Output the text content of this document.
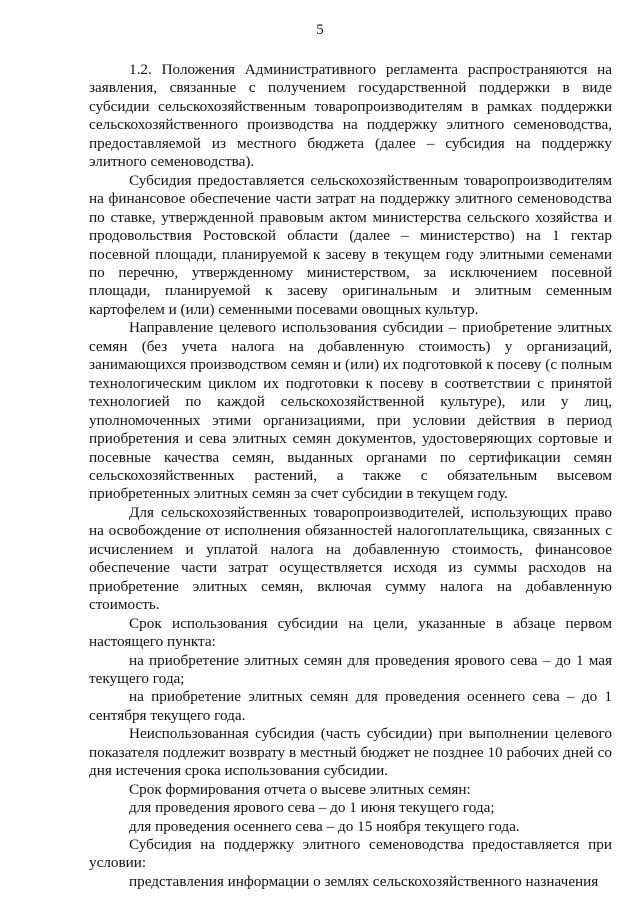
5

1.2. Положения Административного регламента распространяются на заявления, связанные с получением государственной поддержки в виде субсидии сельскохозяйственным товаропроизводителям в рамках поддержки сельскохозяйственного производства на поддержку элитного семеноводства, предоставляемой из местного бюджета (далее – субсидия на поддержку элитного семеноводства).

Субсидия предоставляется сельскохозяйственным товаропроизводителям на финансовое обеспечение части затрат на поддержку элитного семеноводства по ставке, утвержденной правовым актом министерства сельского хозяйства и продовольствия Ростовской области (далее – министерство) на 1 гектар посевной площади, планируемой к засеву в текущем году элитными семенами по перечню, утвержденному министерством, за исключением посевной площади, планируемой к засеву оригинальным и элитным семенным картофелем и (или) семенными посевами овощных культур.

Направление целевого использования субсидии – приобретение элитных семян (без учета налога на добавленную стоимость) у организаций, занимающихся производством семян и (или) их подготовкой к посеву (с полным технологическим циклом их подготовки к посеву в соответствии с принятой технологией по каждой сельскохозяйственной культуре), или у лиц, уполномоченных этими организациями, при условии действия в период приобретения и сева элитных семян документов, удостоверяющих сортовые и посевные качества семян, выданных органами по сертификации семян сельскохозяйственных растений, а также с обязательным высевом приобретенных элитных семян за счет субсидии в текущем году.

Для сельскохозяйственных товаропроизводителей, использующих право на освобождение от исполнения обязанностей налогоплательщика, связанных с исчислением и уплатой налога на добавленную стоимость, финансовое обеспечение части затрат осуществляется исходя из суммы расходов на приобретение элитных семян, включая сумму налога на добавленную стоимость.

Срок использования субсидии на цели, указанные в абзаце первом настоящего пункта:

на приобретение элитных семян для проведения ярового сева – до 1 мая текущего года;

на приобретение элитных семян для проведения осеннего сева – до 1 сентября текущего года.

Неиспользованная субсидия (часть субсидии) при выполнении целевого показателя подлежит возврату в местный бюджет не позднее 10 рабочих дней со дня истечения срока использования субсидии.

Срок формирования отчета о высеве элитных семян:

для проведения ярового сева – до 1 июня текущего года;

для проведения осеннего сева – до 15 ноября текущего года.

Субсидия на поддержку элитного семеноводства предоставляется при условии:

представления информации о землях сельскохозяйственного назначения
